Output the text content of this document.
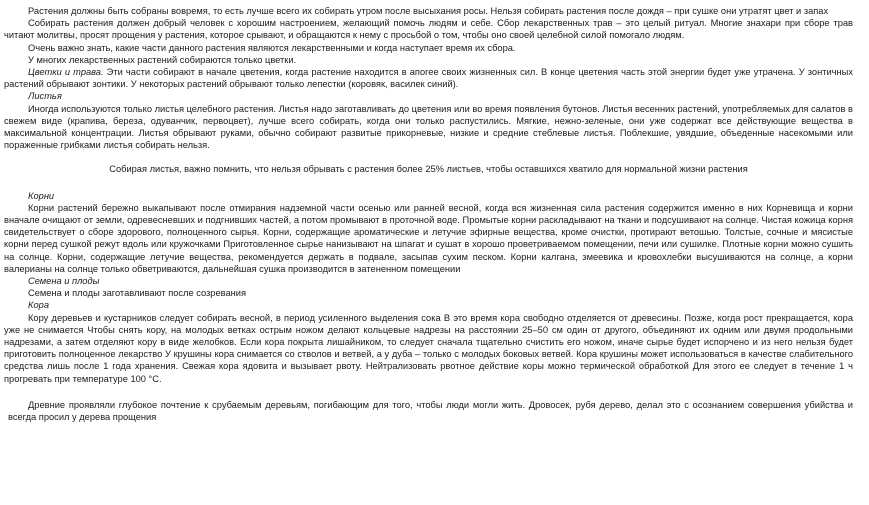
Растения должны быть собраны вовремя, то есть лучше всего их собирать утром после высыхания росы. Нельзя собирать растения после дождя – при сушке они утратят цвет и запах

Собирать растения должен добрый человек с хорошим настроением, желающий помочь людям и себе. Сбор лекарственных трав – это целый ритуал. Многие знахари при сборе трав читают молитвы, просят прощения у растения, которое срывают, и обращаются к нему с просьбой о том, чтобы оно своей целебной силой помогало людям.

Очень важно знать, какие части данного растения являются лекарственными и когда наступает время их сбора.

У многих лекарственных растений собираются только цветки.

Цветки и трава. Эти части собирают в начале цветения, когда растение находится в апогее своих жизненных сил. В конце цветения часть этой энергии будет уже утрачена. У зонтичных растений обрывают зонтики. У некоторых растений обрывают только лепестки (коровяк, василек синий).

Листья

Иногда используются только листья целебного растения. Листья надо заготавливать до цветения или во время появления бутонов. Листья весенних растений, употребляемых для салатов в свежем виде (крапива, береза, одуванчик, первоцвет), лучше всего собирать, когда они только распустились. Мягкие, нежно-зеленые, они уже содержат все действующие вещества в максимальной концентрации. Листья обрывают руками, обычно собирают развитые прикорневые, низкие и средние стеблевые листья. Поблекшие, увядшие, объеденные насекомыми или пораженные грибками листья собирать нельзя.

Собирая листья, важно помнить, что нельзя обрывать с растения более 25% листьев, чтобы оставшихся хватило для нормальной жизни растения

Корни

Корни растений бережно выкапывают после отмирания надземной части осенью или ранней весной, когда вся жизненная сила растения содержится именно в них Корневища и корни вначале очищают от земли, одревесневших и подгнивших частей, а потом промывают в проточной воде. Промытые корни раскладывают на ткани и подсушивают на солнце. Чистая кожица корня свидетельствует о сборе здорового, полноценного сырья. Корни, содержащие ароматические и летучие эфирные вещества, кроме очистки, протирают ветошью. Толстые, сочные и мясистые корни перед сушкой режут вдоль или кружочками Приготовленное сырье нанизывают на шпагат и сушат в хорошо проветриваемом помещении, печи или сушилке. Плотные корни можно сушить на солнце. Корни, содержащие летучие вещества, рекомендуется держать в подвале, засыпав сухим песком. Корни калгана, змеевика и кровохлебки высушиваются на солнце, а корни валерианы на солнце только обветриваются, дальнейшая сушка производится в затененном помещении

Семена и плоды

Семена и плоды заготавливают после созревания

Кора

Кору деревьев и кустарников следует собирать весной, в период усиленного выделения сока В это время кора свободно отделяется от древесины. Позже, когда рост прекращается, кора уже не снимается Чтобы снять кору, на молодых ветках острым ножом делают кольцевые надрезы на расстоянии 25–50 см один от другого, объединяют их одним или двумя продольными надрезами, а затем отделяют кору в виде желобков. Если кора покрыта лишайником, то следует сначала тщательно счистить его ножом, иначе сырье будет испорчено и из него нельзя будет приготовить полноценное лекарство У крушины кора снимается со стволов и ветвей, а у дуба – только с молодых боковых ветвей. Кора крушины может использоваться в качестве слабительного средства лишь после 1 года хранения. Свежая кора ядовита и вызывает рвоту. Нейтрализовать рвотное действие коры можно термической обработкой Для этого ее следует в течение 1 ч прогревать при температуре 100 °С.

Древние проявляли глубокое почтение к срубаемым деревьям, погибающим для того, чтобы люди могли жить. Дровосек, рубя дерево, делал это с осознанием совершения убийства и всегда просил у дерева прощения
